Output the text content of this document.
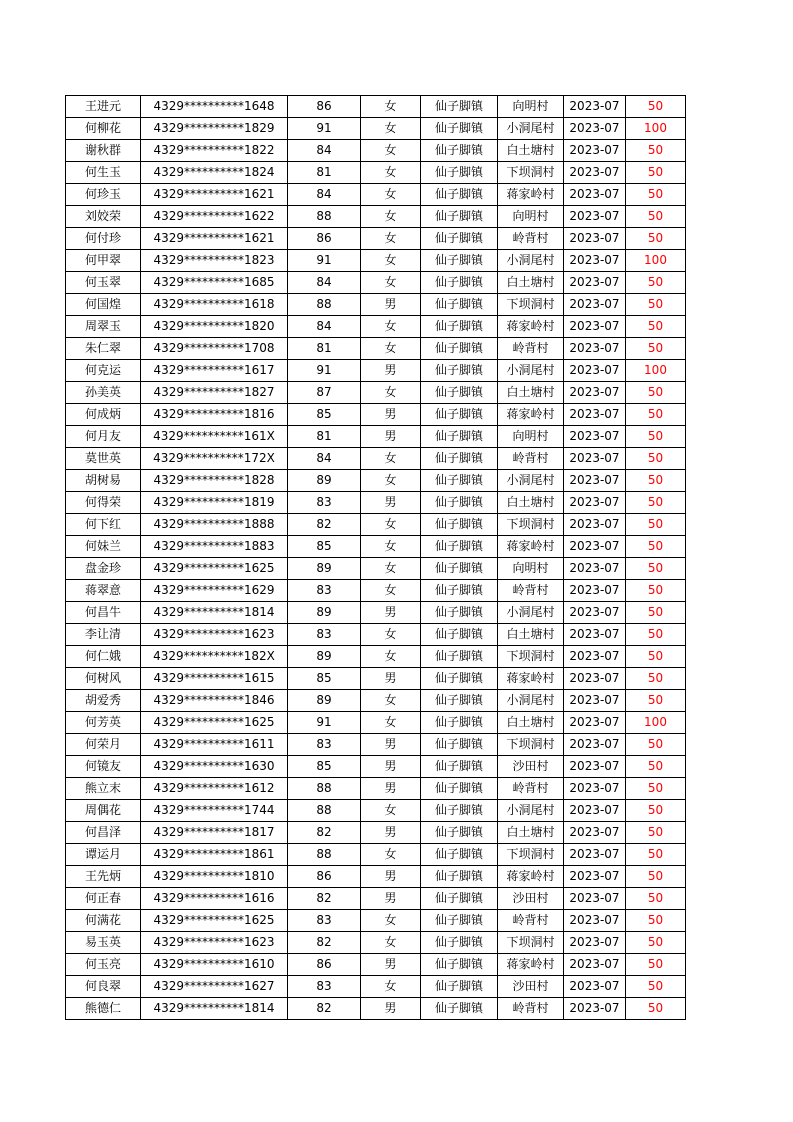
王进元	4329**********1648	86	女	仙子脚镇	向明村	2023-07	50
何柳花	4329**********1829	91	女	仙子脚镇	小洞尾村	2023-07	100
谢秋群	4329**********1822	84	女	仙子脚镇	白土塘村	2023-07	50
何生玉	4329**********1824	81	女	仙子脚镇	下坝洞村	2023-07	50
何珍玉	4329**********1621	84	女	仙子脚镇	蒋家岭村	2023-07	50
刘姣荣	4329**********1622	88	女	仙子脚镇	向明村	2023-07	50
何付珍	4329**********1621	86	女	仙子脚镇	岭背村	2023-07	50
何甲翠	4329**********1823	91	女	仙子脚镇	小洞尾村	2023-07	100
何玉翠	4329**********1685	84	女	仙子脚镇	白土塘村	2023-07	50
何国煌	4329**********1618	88	男	仙子脚镇	下坝洞村	2023-07	50
周翠玉	4329**********1820	84	女	仙子脚镇	蒋家岭村	2023-07	50
朱仁翠	4329**********1708	81	女	仙子脚镇	岭背村	2023-07	50
何克运	4329**********1617	91	男	仙子脚镇	小洞尾村	2023-07	100
孙美英	4329**********1827	87	女	仙子脚镇	白土塘村	2023-07	50
何成炳	4329**********1816	85	男	仙子脚镇	蒋家岭村	2023-07	50
何月友	4329**********161X	81	男	仙子脚镇	向明村	2023-07	50
莫世英	4329**********172X	84	女	仙子脚镇	岭背村	2023-07	50
胡树易	4329**********1828	89	女	仙子脚镇	小洞尾村	2023-07	50
何得荣	4329**********1819	83	男	仙子脚镇	白土塘村	2023-07	50
何下红	4329**********1888	82	女	仙子脚镇	下坝洞村	2023-07	50
何妹兰	4329**********1883	85	女	仙子脚镇	蒋家岭村	2023-07	50
盘金珍	4329**********1625	89	女	仙子脚镇	向明村	2023-07	50
蒋翠意	4329**********1629	83	女	仙子脚镇	岭背村	2023-07	50
何昌牛	4329**********1814	89	男	仙子脚镇	小洞尾村	2023-07	50
李让清	4329**********1623	83	女	仙子脚镇	白土塘村	2023-07	50
何仁娥	4329**********182X	89	女	仙子脚镇	下坝洞村	2023-07	50
何树风	4329**********1615	85	男	仙子脚镇	蒋家岭村	2023-07	50
胡爱秀	4329**********1846	89	女	仙子脚镇	小洞尾村	2023-07	50
何芳英	4329**********1625	91	女	仙子脚镇	白土塘村	2023-07	100
何荣月	4329**********1611	83	男	仙子脚镇	下坝洞村	2023-07	50
何镜友	4329**********1630	85	男	仙子脚镇	沙田村	2023-07	50
熊立末	4329**********1612	88	男	仙子脚镇	岭背村	2023-07	50
周偶花	4329**********1744	88	女	仙子脚镇	小洞尾村	2023-07	50
何昌泽	4329**********1817	82	男	仙子脚镇	白土塘村	2023-07	50
谭运月	4329**********1861	88	女	仙子脚镇	下坝洞村	2023-07	50
王先炳	4329**********1810	86	男	仙子脚镇	蒋家岭村	2023-07	50
何正春	4329**********1616	82	男	仙子脚镇	沙田村	2023-07	50
何满花	4329**********1625	83	女	仙子脚镇	岭背村	2023-07	50
易玉英	4329**********1623	82	女	仙子脚镇	下坝洞村	2023-07	50
何玉亮	4329**********1610	86	男	仙子脚镇	蒋家岭村	2023-07	50
何良翠	4329**********1627	83	女	仙子脚镇	沙田村	2023-07	50
熊德仁	4329**********1814	82	男	仙子脚镇	岭背村	2023-07	50
